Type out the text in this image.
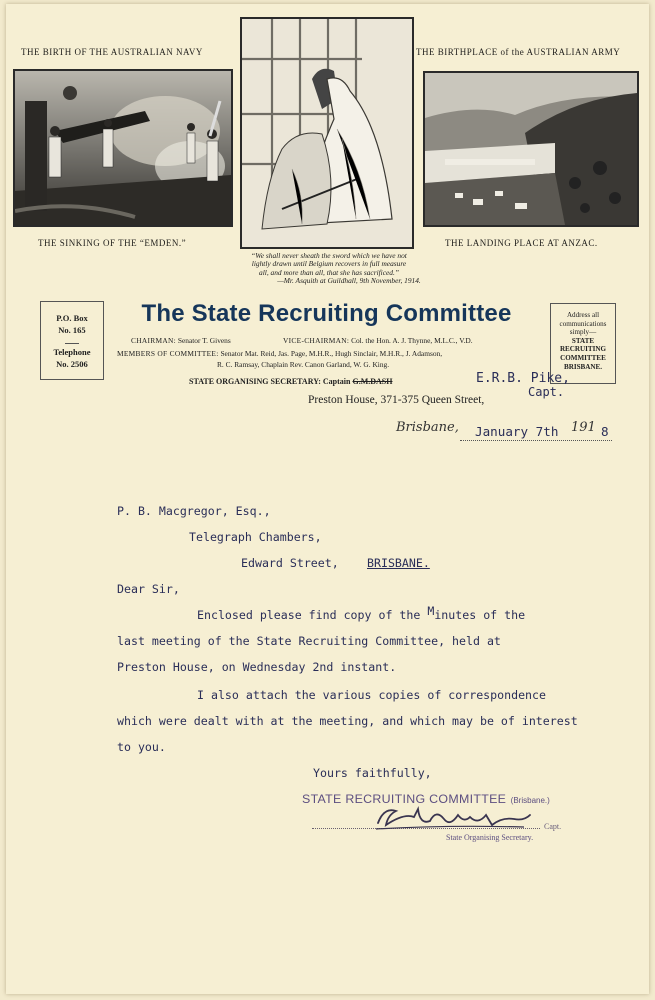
THE BIRTH OF THE AUSTRALIAN NAVY
THE SINKING OF THE “EMDEN.”
THE BIRTHPLACE of the AUSTRALIAN ARMY
THE LANDING PLACE AT ANZAC.
“We shall never sheath the sword which we have not
lightly drawn until Belgium recovers in full measure
all, and more than all, that she has sacrificed.”
—Mr. Asquith at Guildhall, 9th November, 1914.
P.O. Box
No. 165
Telephone
No. 2506
Address all
communications
simply—
STATE
RECRUITING
COMMITTEE
BRISBANE.
The State Recruiting Committee
CHAIRMAN: Senator T. Givens	VICE-CHAIRMAN: Col. the Hon. A. J. Thynne, M.L.C., V.D.
MEMBERS OF COMMITTEE: Senator Mat. Reid, Jas. Page, M.H.R., Hugh Sinclair, M.H.R., J. Adamson,
R. C. Ramsay, Chaplain Rev. Canon Garland, W. G. King.
STATE ORGANISING SECRETARY: Captain G.M.DASH	E.R.B. Pike,
Capt.
Preston House, 371-375 Queen Street,
Brisbane, January 7th 191 8
P. B. Macgregor, Esq.,
Telegraph Chambers,
Edward Street, BRISBANE.
Dear Sir,
Enclosed please find copy of the Minutes of the
last meeting of the State Recruiting Committee, held at
Preston House, on Wednesday 2nd instant.
I also attach the various copies of correspondence
which were dealt with at the meeting, and which may be of interest
to you.
Yours faithfully,
STATE RECRUITING COMMITTEE (Brisbane.)
Capt.
State Organising Secretary.
